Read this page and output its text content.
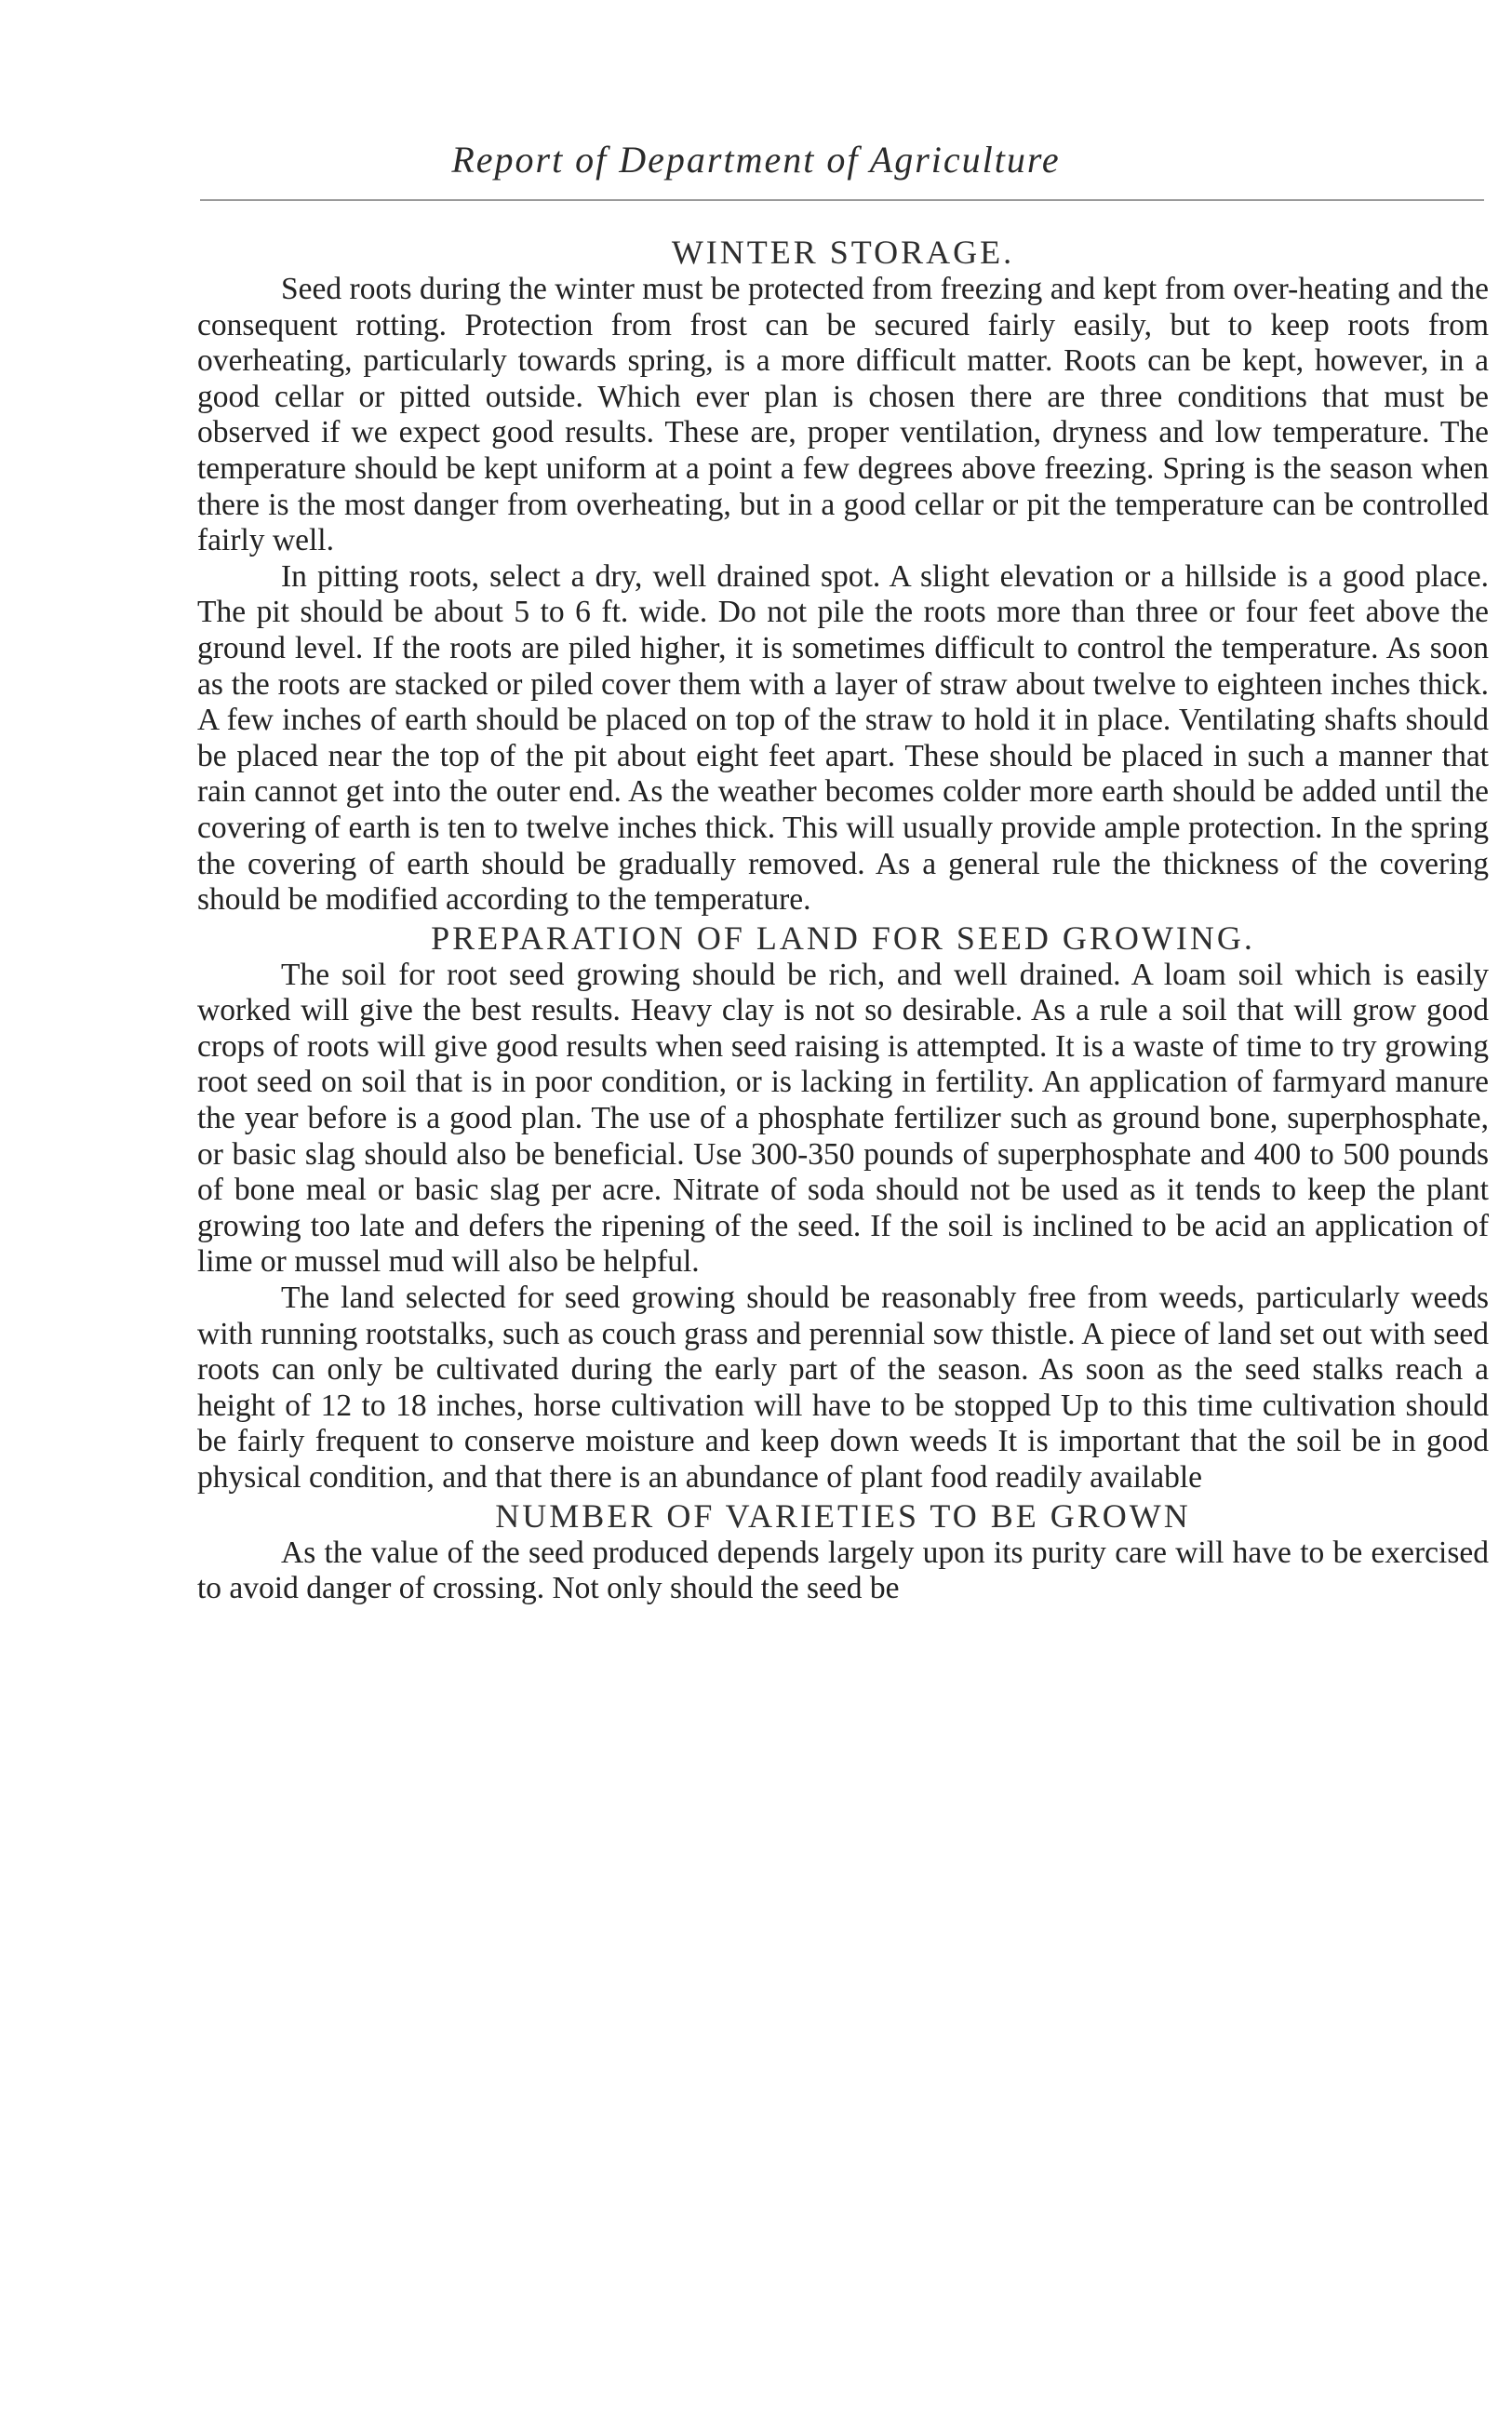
Report of Department of Agriculture
WINTER STORAGE.

Seed roots during the winter must be protected from freezing and kept from over-heating and the consequent rotting. Protection from frost can be secured fairly easily, but to keep roots from overheating, particularly towards spring, is a more difficult matter. Roots can be kept, however, in a good cellar or pitted outside. Which ever plan is chosen there are three conditions that must be observed if we expect good results. These are, proper ventilation, dryness and low temperature. The temperature should be kept uniform at a point a few degrees above freezing. Spring is the season when there is the most danger from overheating, but in a good cellar or pit the temperature can be controlled fairly well.

In pitting roots, select a dry, well drained spot. A slight elevation or a hillside is a good place. The pit should be about 5 to 6 ft. wide. Do not pile the roots more than three or four feet above the ground level. If the roots are piled higher, it is sometimes difficult to control the temperature. As soon as the roots are stacked or piled cover them with a layer of straw about twelve to eighteen inches thick. A few inches of earth should be placed on top of the straw to hold it in place. Ventilating shafts should be placed near the top of the pit about eight feet apart. These should be placed in such a manner that rain cannot get into the outer end. As the weather becomes colder more earth should be added until the covering of earth is ten to twelve inches thick. This will usually provide ample protection. In the spring the covering of earth should be gradually removed. As a general rule the thickness of the covering should be modified according to the temperature.

PREPARATION OF LAND FOR SEED GROWING.

The soil for root seed growing should be rich, and well drained. A loam soil which is easily worked will give the best results. Heavy clay is not so desirable. As a rule a soil that will grow good crops of roots will give good results when seed raising is attempted. It is a waste of time to try growing root seed on soil that is in poor condition, or is lacking in fertility. An application of farmyard manure the year before is a good plan. The use of a phosphate fertilizer such as ground bone, superphosphate, or basic slag should also be beneficial. Use 300-350 pounds of superphosphate and 400 to 500 pounds of bone meal or basic slag per acre. Nitrate of soda should not be used as it tends to keep the plant growing too late and defers the ripening of the seed. If the soil is inclined to be acid an application of lime or mussel mud will also be helpful.

The land selected for seed growing should be reasonably free from weeds, particularly weeds with running rootstalks, such as couch grass and perennial sow thistle. A piece of land set out with seed roots can only be cultivated during the early part of the season. As soon as the seed stalks reach a height of 12 to 18 inches, horse cultivation will have to be stopped Up to this time cultivation should be fairly frequent to conserve moisture and keep down weeds It is important that the soil be in good physical condition, and that there is an abundance of plant food readily available

NUMBER OF VARIETIES TO BE GROWN

As the value of the seed produced depends largely upon its purity care will have to be exercised to avoid danger of crossing. Not only should the seed be
